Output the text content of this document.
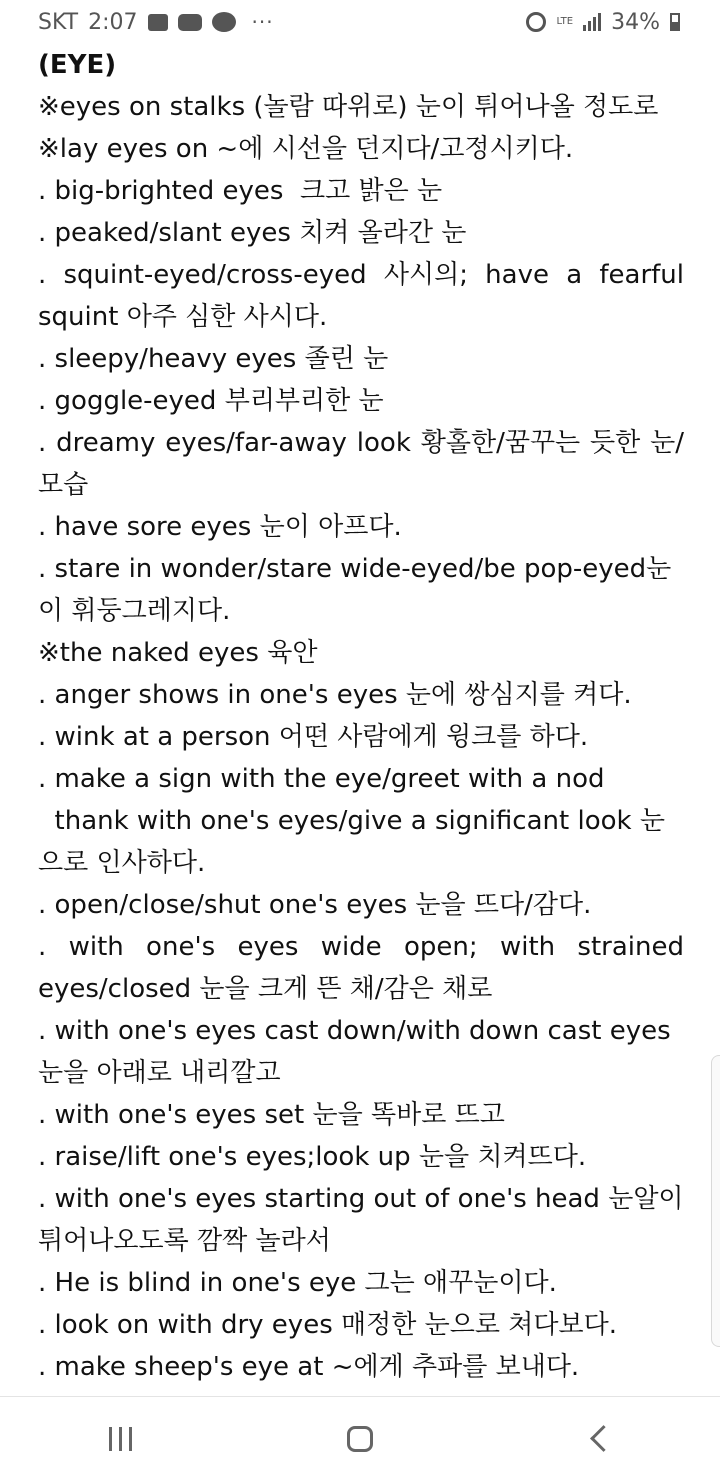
SKT 2:07	···	LTE 34%

(EYE)

※eyes on stalks (놀람 따위로) 눈이 튀어나올 정도로

※lay eyes on ~에 시선을 던지다/고정시키다.

. big-brighted eyes  크고 밝은 눈

. peaked/slant eyes 치켜 올라간 눈

. squint-eyed/cross-eyed 사시의; have a fearful squint 아주 심한 사시다.

. sleepy/heavy eyes 졸린 눈

. goggle-eyed 부리부리한 눈

. dreamy eyes/far-away look 황홀한/꿈꾸는 듯한 눈/모습

. have sore eyes 눈이 아프다.

. stare in wonder/stare wide-eyed/be pop-eyed눈이 휘둥그레지다.

※the naked eyes 육안

. anger shows in one's eyes 눈에 쌍심지를 켜다.

. wink at a person 어떤 사람에게 윙크를 하다.

. make a sign with the eye/greet with a nod

thank with one's eyes/give a significant look 눈으로 인사하다.

. open/close/shut one's eyes 눈을 뜨다/감다.

. with one's eyes wide open; with strained eyes/closed 눈을 크게 뜬 채/감은 채로

. with one's eyes cast down/with down cast eyes 눈을 아래로 내리깔고

. with one's eyes set 눈을 똑바로 뜨고

. raise/lift one's eyes;look up 눈을 치켜뜨다.

. with one's eyes starting out of one's head 눈알이 튀어나오도록 깜짝 놀라서

. He is blind in one's eye 그는 애꾸눈이다.

. look on with dry eyes 매정한 눈으로 쳐다보다.

. make sheep's eye at ~에게 추파를 보내다.
